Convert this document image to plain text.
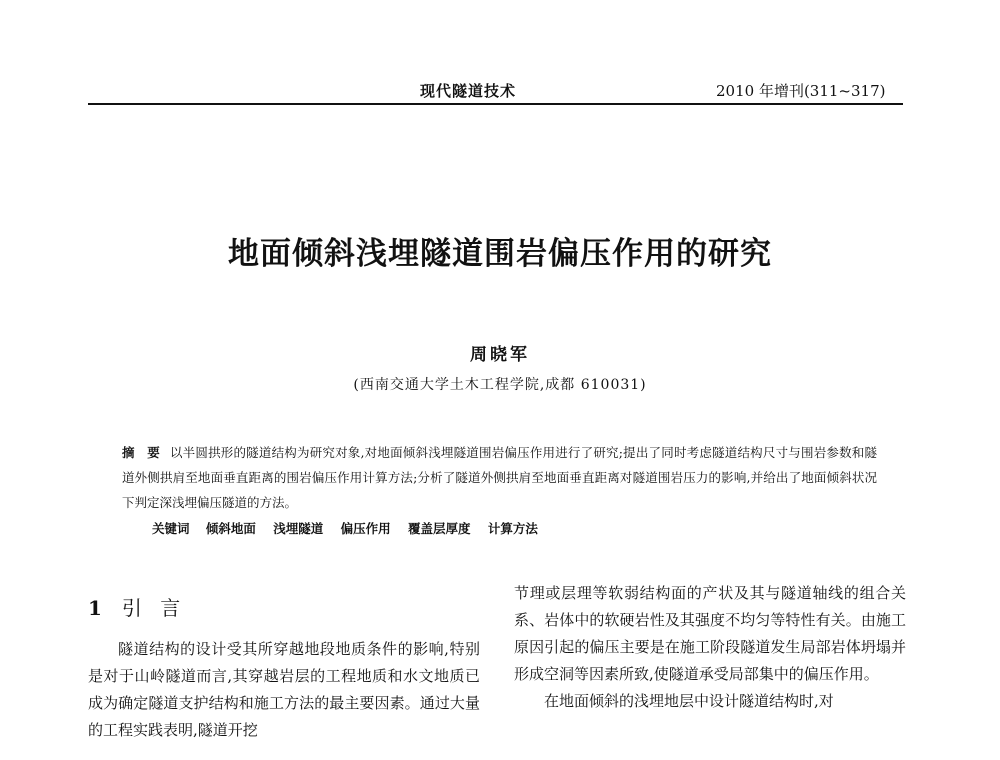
现代隧道技术	2010 年增刊(311~317)
地面倾斜浅埋隧道围岩偏压作用的研究
周晓军
(西南交通大学土木工程学院,成都 610031)
摘 要 以半圆拱形的隧道结构为研究对象,对地面倾斜浅埋隧道围岩偏压作用进行了研究;提出了同时考虑隧道结构尺寸与围岩参数和隧道外侧拱肩至地面垂直距离的围岩偏压作用计算方法;分析了隧道外侧拱肩至地面垂直距离对隧道围岩压力的影响,并给出了地面倾斜状况下判定深浅埋偏压隧道的方法。
关键词 倾斜地面 浅埋隧道 偏压作用 覆盖层厚度 计算方法
1 引 言

隧道结构的设计受其所穿越地段地质条件的影响,特别是对于山岭隧道而言,其穿越岩层的工程地质和水文地质已成为确定隧道支护结构和施工方法的最主要因素。通过大量的工程实践表明,隧道开挖

节理或层理等软弱结构面的产状及其与隧道轴线的组合关系、岩体中的软硬岩性及其强度不均匀等特性有关。由施工原因引起的偏压主要是在施工阶段隧道发生局部岩体坍塌并形成空洞等因素所致,使隧道承受局部集中的偏压作用。

在地面倾斜的浅埋地层中设计隧道结构时,对
